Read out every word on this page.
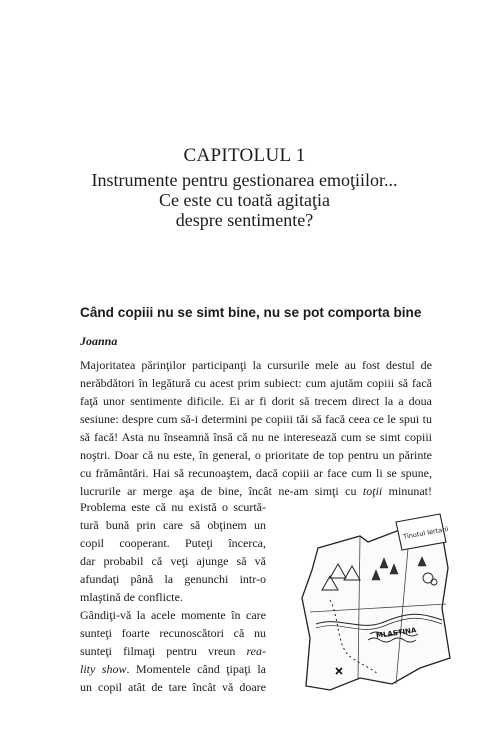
CAPITOLUL 1
Instrumente pentru gestionarea emoţiilor...
Ce este cu toată agitaţia
despre sentimente?
Când copiii nu se simt bine, nu se pot comporta bine
Joanna
Majoritatea părinţilor participanţi la cursurile mele au fost destul de
nerăbdători în legătură cu acest prim subiect: cum ajutăm copiii să facă
faţă unor sentimente dificile. Ei ar fi dorit să trecem direct la a doua
sesiune: despre cum să-i determini pe copiii tăi să facă ceea ce le spui tu
să facă! Asta nu înseamnă însă că nu ne interesează cum se simt copiii
noştri. Doar că nu este, în general, o prioritate de top pentru un părinte
cu frământări. Hai să recunoaştem, dacă copiii ar face cum li se spune,
lucrurile ar merge aşa de bine, încât ne-am simţi cu toţii minunat!
Problema este că nu există o scurtă-
tură bună prin care să obţinem un
copil cooperant. Puteţi încerca,
dar probabil că veţi ajunge să vă
afundaţi până la genunchi intr-o
mlaştină de conflicte.
Gândiţi-vă la acele momente în care
sunteţi foarte recunoscători că nu
sunteţi filmaţi pentru vreun rea-
lity show. Momentele când ţipaţi la
un copil atât de tare încât vă doare
Tinutul Iertarii
MLASTINA
